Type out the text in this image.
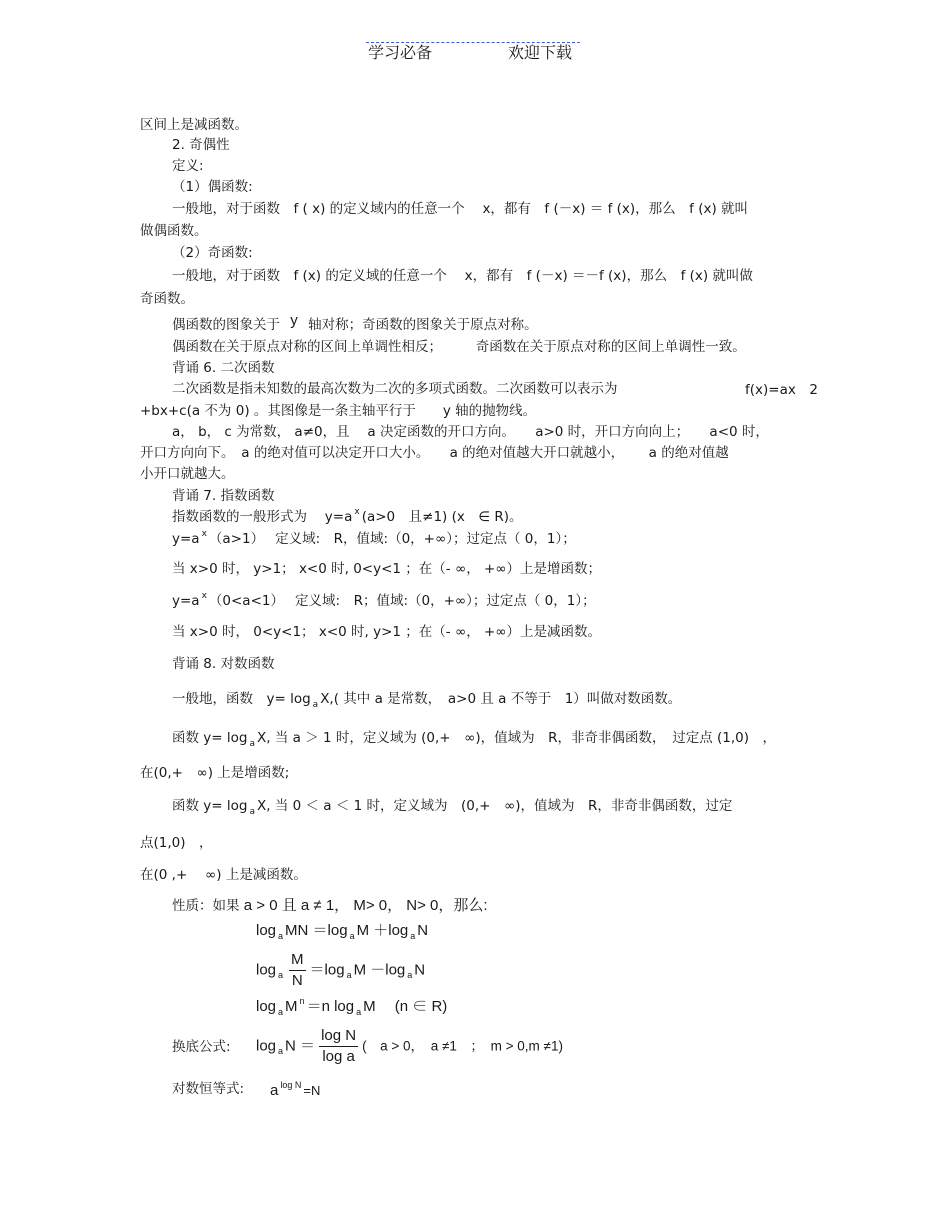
学习必备	欢迎下载
区间上是减函数。
2. 奇偶性
定义:
（1）偶函数:
一般地，对于函数　f ( x) 的定义域内的任意一个　 x，都有　f (－x) ＝ f (x)，那么　f (x) 就叫
做偶函数。
（2）奇函数:
一般地，对于函数　f (x) 的定义域的任意一个　 x，都有　f (－x) ＝－f (x)，那么　f (x) 就叫做
奇函数。
偶函数的图象关于 y 轴对称；奇函数的图象关于原点对称。
偶函数在关于原点对称的区间上单调性相反；　　　奇函数在关于原点对称的区间上单调性一致。
背诵 6. 二次函数
二次函数是指未知数的最高次数为二次的多项式函数。二次函数可以表示为	f(x)=ax　2
+bx+c(a 不为 0) 。其图像是一条主轴平行于　　y 轴的抛物线。
a， b， c 为常数， a≠0，且　 a 决定函数的开口方向。　　a>0 时，开口方向向上；　　a<0 时，
开口方向向下。　a 的绝对值可以决定开口大小。　　a 的绝对值越大开口就越小，　　 a 的绝对值越
小开口就越大。
背诵 7. 指数函数
指数函数的一般形式为　 y=a $^x$ (a>0　且≠1) (x　∈ R)。
y=a $^x$ （a>1）　 定义域:　R，值域:（0，+∞）；过定点（ 0，1）；
当 x>0 时， y>1； x<0 时, 0<y<1 ；在（- ∞， +∞）上是增函数；
y=a $^x$ （0<a<1）　 定义域:　R；值域:（0，+∞）；过定点（ 0，1）；
当 x>0 时， 0<y<1； x<0 时, y>1 ；在（- ∞， +∞）上是减函数。
背诵 8. 对数函数
一般地，函数　y= log $_a$ X,( 其中 a 是常数，　a>0 且 a 不等于　1）叫做对数函数。
函数 y= log $_a$ X, 当 a ＞ 1 时，定义域为 (0,+　∞)，值域为　R，非奇非偶函数，　过定点 (1,0)　，
在(0,+　∞) 上是增函数;
函数 y= log $_a$ X, 当 0 ＜ a ＜ 1 时，定义域为　(0,+　∞)，值域为　R，非奇非偶函数，过定
点(1,0)　，
在(0 ,+　 ∞) 上是减函数。
性质：如果 a > 0 且 a ≠ 1， M> 0， N> 0，那么:
log $_a$ MN ＝log $_a$ M ＋log $_a$ N
$\log _a \frac{M}{N} =\log$ $_a$ M －log $_a$ N
log $_a$ M $^n$ ＝n log $_a$ M　 (n ∈ R)
换底公式: log $_a$ $N = \frac{\text{log N}}{\text{log a}}$ (　a > 0，　a ≠1　；　m > 0,m ≠1)
对数恒等式: a $^{log N}$ =N
